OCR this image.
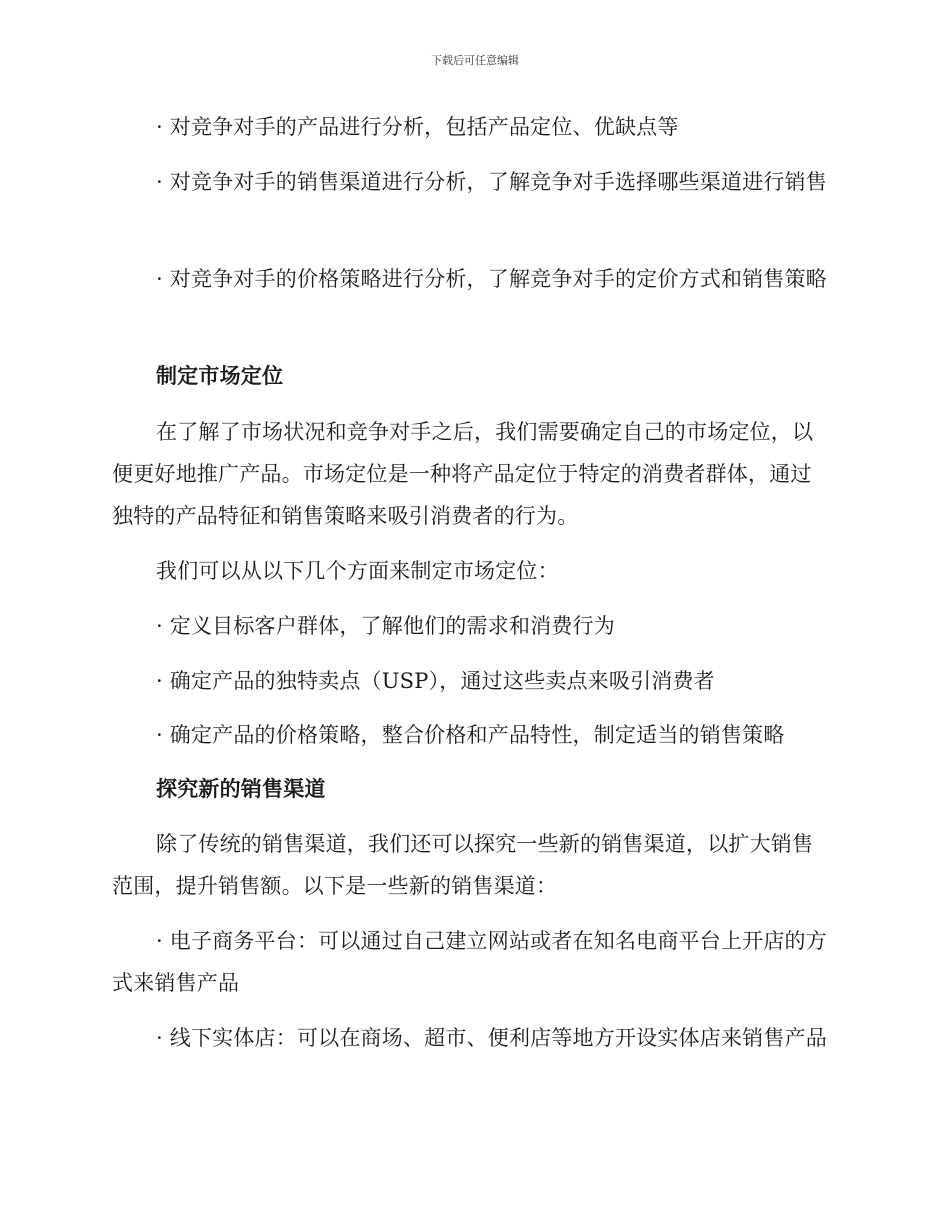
下载后可任意编辑
· 对竞争对手的产品进行分析，包括产品定位、优缺点等
· 对竞争对手的销售渠道进行分析，了解竞争对手选择哪些渠道进行销售
· 对竞争对手的价格策略进行分析，了解竞争对手的定价方式和销售策略
制定市场定位
在了解了市场状况和竞争对手之后，我们需要确定自己的市场定位，以便更好地推广产品。市场定位是一种将产品定位于特定的消费者群体，通过独特的产品特征和销售策略来吸引消费者的行为。
我们可以从以下几个方面来制定市场定位：
· 定义目标客户群体，了解他们的需求和消费行为
· 确定产品的独特卖点（USP），通过这些卖点来吸引消费者
· 确定产品的价格策略，整合价格和产品特性，制定适当的销售策略
探究新的销售渠道
除了传统的销售渠道，我们还可以探究一些新的销售渠道，以扩大销售范围，提升销售额。以下是一些新的销售渠道：
· 电子商务平台：可以通过自己建立网站或者在知名电商平台上开店的方式来销售产品
· 线下实体店：可以在商场、超市、便利店等地方开设实体店来销售产品
